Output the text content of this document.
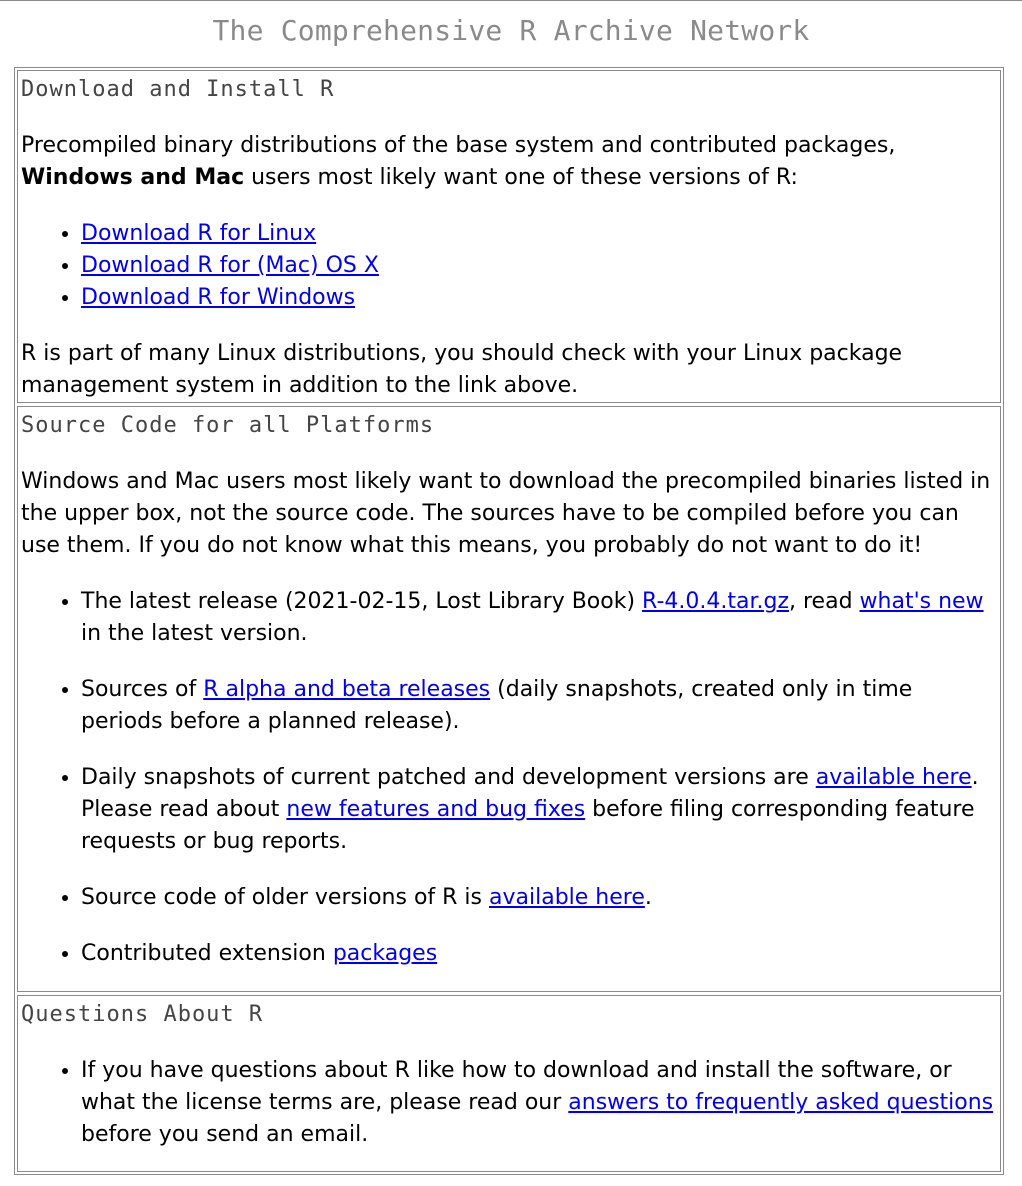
The Comprehensive R Archive Network
Download and Install R

Precompiled binary distributions of the base system and contributed packages,
Windows and Mac users most likely want one of these versions of R:

• Download R for Linux
• Download R for (Mac) OS X
• Download R for Windows

R is part of many Linux distributions, you should check with your Linux package management system in addition to the link above.

Source Code for all Platforms

Windows and Mac users most likely want to download the precompiled binaries listed in the upper box, not the source code. The sources have to be compiled before you can use them. If you do not know what this means, you probably do not want to do it!

• The latest release (2021-02-15, Lost Library Book) R-4.0.4.tar.gz, read what's new in the latest version.
• Sources of R alpha and beta releases (daily snapshots, created only in time periods before a planned release).
• Daily snapshots of current patched and development versions are available here. Please read about new features and bug fixes before filing corresponding feature requests or bug reports.
• Source code of older versions of R is available here.
• Contributed extension packages
Questions About R
• If you have questions about R like how to download and install the software, or what the license terms are, please read our answers to frequently asked questions before you send an email.
